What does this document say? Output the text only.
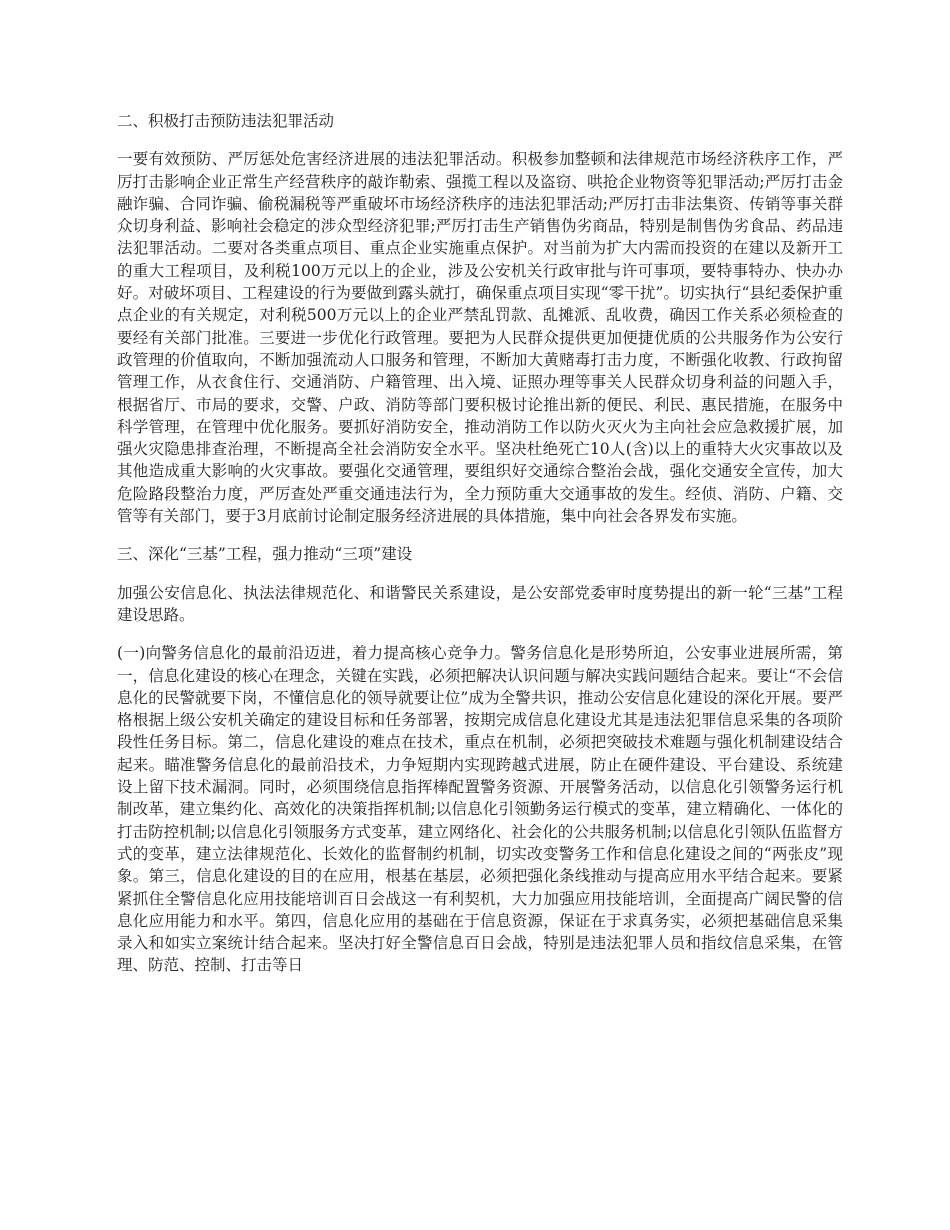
二、积极打击预防违法犯罪活动

一要有效预防、严厉惩处危害经济进展的违法犯罪活动。积极参加整顿和法律规范市场经济秩序工作，严厉打击影响企业正常生产经营秩序的敲诈勒索、强揽工程以及盗窃、哄抢企业物资等犯罪活动;严厉打击金融诈骗、合同诈骗、偷税漏税等严重破坏市场经济秩序的违法犯罪活动;严厉打击非法集资、传销等事关群众切身利益、影响社会稳定的涉众型经济犯罪;严厉打击生产销售伪劣商品，特别是制售伪劣食品、药品违法犯罪活动。二要对各类重点项目、重点企业实施重点保护。对当前为扩大内需而投资的在建以及新开工的重大工程项目，及利税100万元以上的企业，涉及公安机关行政审批与许可事项，要特事特办、快办办好。对破坏项目、工程建设的行为要做到露头就打，确保重点项目实现“零干扰”。切实执行“县纪委保护重点企业的有关规定，对利税500万元以上的企业严禁乱罚款、乱摊派、乱收费，确因工作关系必须检查的要经有关部门批准。三要进一步优化行政管理。要把为人民群众提供更加便捷优质的公共服务作为公安行政管理的价值取向，不断加强流动人口服务和管理，不断加大黄赌毒打击力度，不断强化收教、行政拘留管理工作，从衣食住行、交通消防、户籍管理、出入境、证照办理等事关人民群众切身利益的问题入手，根据省厅、市局的要求，交警、户政、消防等部门要积极讨论推出新的便民、利民、惠民措施，在服务中科学管理，在管理中优化服务。要抓好消防安全，推动消防工作以防火灭火为主向社会应急救援扩展，加强火灾隐患排查治理，不断提高全社会消防安全水平。坚决杜绝死亡10人(含)以上的重特大火灾事故以及其他造成重大影响的火灾事故。要强化交通管理，要组织好交通综合整治会战，强化交通安全宣传，加大危险路段整治力度，严厉查处严重交通违法行为，全力预防重大交通事故的发生。经侦、消防、户籍、交管等有关部门，要于3月底前讨论制定服务经济进展的具体措施，集中向社会各界发布实施。

三、深化“三基”工程，强力推动“三项”建设

加强公安信息化、执法法律规范化、和谐警民关系建设，是公安部党委审时度势提出的新一轮“三基”工程建设思路。

(一)向警务信息化的最前沿迈进，着力提高核心竞争力。警务信息化是形势所迫，公安事业进展所需，第一，信息化建设的核心在理念，关键在实践，必须把解决认识问题与解决实践问题结合起来。要让“不会信息化的民警就要下岗，不懂信息化的领导就要让位”成为全警共识，推动公安信息化建设的深化开展。要严格根据上级公安机关确定的建设目标和任务部署，按期完成信息化建设尤其是违法犯罪信息采集的各项阶段性任务目标。第二，信息化建设的难点在技术，重点在机制，必须把突破技术难题与强化机制建设结合起来。瞄准警务信息化的最前沿技术，力争短期内实现跨越式进展，防止在硬件建设、平台建设、系统建设上留下技术漏洞。同时，必须围绕信息指挥棒配置警务资源、开展警务活动，以信息化引领警务运行机制改革，建立集约化、高效化的决策指挥机制;以信息化引领勤务运行模式的变革，建立精确化、一体化的打击防控机制;以信息化引领服务方式变革，建立网络化、社会化的公共服务机制;以信息化引领队伍监督方式的变革，建立法律规范化、长效化的监督制约机制，切实改变警务工作和信息化建设之间的“两张皮”现象。第三，信息化建设的目的在应用，根基在基层，必须把强化条线推动与提高应用水平结合起来。要紧紧抓住全警信息化应用技能培训百日会战这一有利契机，大力加强应用技能培训，全面提高广阔民警的信息化应用能力和水平。第四，信息化应用的基础在于信息资源，保证在于求真务实，必须把基础信息采集录入和如实立案统计结合起来。坚决打好全警信息百日会战，特别是违法犯罪人员和指纹信息采集，在管理、防范、控制、打击等日
